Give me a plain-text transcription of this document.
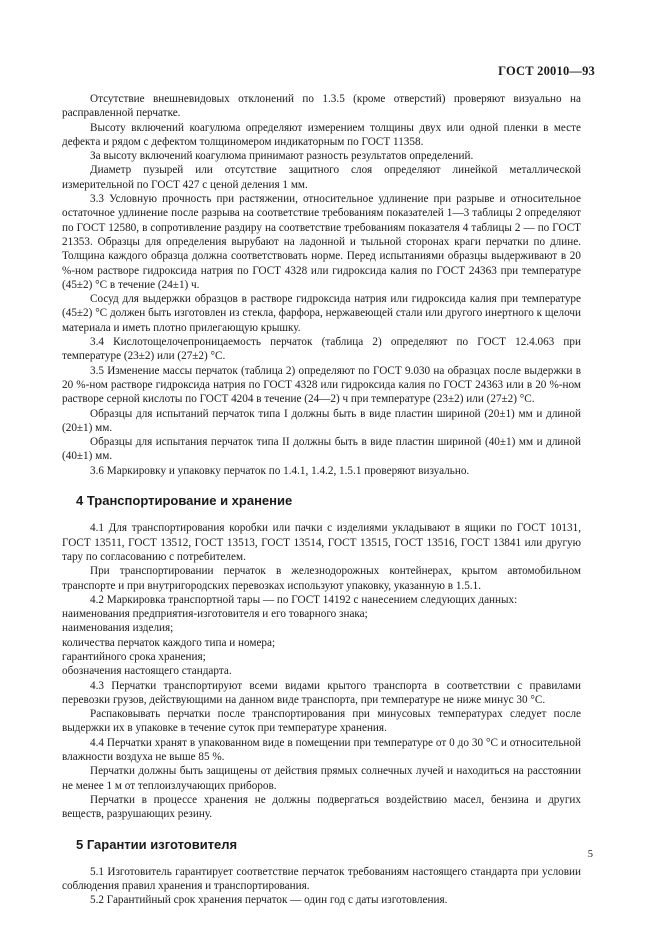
ГОСТ 20010—93

Отсутствие внешневидовых отклонений по 1.3.5 (кроме отверстий) проверяют визуально на расправленной перчатке.

Высоту включений коагулюма определяют измерением толщины двух или одной пленки в месте дефекта и рядом с дефектом толщиномером индикаторным по ГОСТ 11358.

За высоту включений коагулюма принимают разность результатов определений.

Диаметр пузырей или отсутствие защитного слоя определяют линейкой металлической измерительной по ГОСТ 427 с ценой деления 1 мм.

3.3 Условную прочность при растяжении, относительное удлинение при разрыве и относительное остаточное удлинение после разрыва на соответствие требованиям показателей 1—3 таблицы 2 определяют по ГОСТ 12580, в сопротивление раздиру на соответствие требованиям показателя 4 таблицы 2 — по ГОСТ 21353. Образцы для определения вырубают на ладонной и тыльной сторонах краги перчатки по длине. Толщина каждого образца должна соответствовать норме. Перед испытаниями образцы выдерживают в 20 %-ном растворе гидроксида натрия по ГОСТ 4328 или гидроксида калия по ГОСТ 24363 при температуре (45±2) °С в течение (24±1) ч.

Сосуд для выдержки образцов в растворе гидроксида натрия или гидроксида калия при температуре (45±2) °С должен быть изготовлен из стекла, фарфора, нержавеющей стали или другого инертного к щелочи материала и иметь плотно прилегающую крышку.

3.4 Кислотощелочепроницаемость перчаток (таблица 2) определяют по ГОСТ 12.4.063 при температуре (23±2) или (27±2) °С.

3.5 Изменение массы перчаток (таблица 2) определяют по ГОСТ 9.030 на образцах после выдержки в 20 %-ном растворе гидроксида натрия по ГОСТ 4328 или гидроксида калия по ГОСТ 24363 или в 20 %-ном растворе серной кислоты по ГОСТ 4204 в течение (24—2) ч при температуре (23±2) или (27±2) °С.

Образцы для испытаний перчаток типа I должны быть в виде пластин шириной (20±1) мм и длиной (20±1) мм.

Образцы для испытания перчаток типа II должны быть в виде пластин шириной (40±1) мм и длиной (40±1) мм.

3.6 Маркировку и упаковку перчаток по 1.4.1, 1.4.2, 1.5.1 проверяют визуально.

4 Транспортирование и хранение

4.1 Для транспортирования коробки или пачки с изделиями укладывают в ящики по ГОСТ 10131, ГОСТ 13511, ГОСТ 13512, ГОСТ 13513, ГОСТ 13514, ГОСТ 13515, ГОСТ 13516, ГОСТ 13841 или другую тару по согласованию с потребителем.

При транспортировании перчаток в железнодорожных контейнерах, крытом автомобильном транспорте и при внутригородских перевозках используют упаковку, указанную в 1.5.1.

4.2 Маркировка транспортной тары — по ГОСТ 14192 с нанесением следующих данных:

наименования предприятия-изготовителя и его товарного знака;

наименования изделия;

количества перчаток каждого типа и номера;

гарантийного срока хранения;

обозначения настоящего стандарта.

4.3 Перчатки транспортируют всеми видами крытого транспорта в соответствии с правилами перевозки грузов, действующими на данном виде транспорта, при температуре не ниже минус 30 °С.

Распаковывать перчатки после транспортирования при минусовых температурах следует после выдержки их в упаковке в течение суток при температуре хранения.

4.4 Перчатки хранят в упакованном виде в помещении при температуре от 0 до 30 °С и относительной влажности воздуха не выше 85 %.

Перчатки должны быть защищены от действия прямых солнечных лучей и находиться на расстоянии не менее 1 м от теплоизлучающих приборов.

Перчатки в процессе хранения не должны подвергаться воздействию масел, бензина и других веществ, разрушающих резину.

5 Гарантии изготовителя

5.1 Изготовитель гарантирует соответствие перчаток требованиям настоящего стандарта при условии соблюдения правил хранения и транспортирования.

5.2 Гарантийный срок хранения перчаток — один год с даты изготовления.

5
